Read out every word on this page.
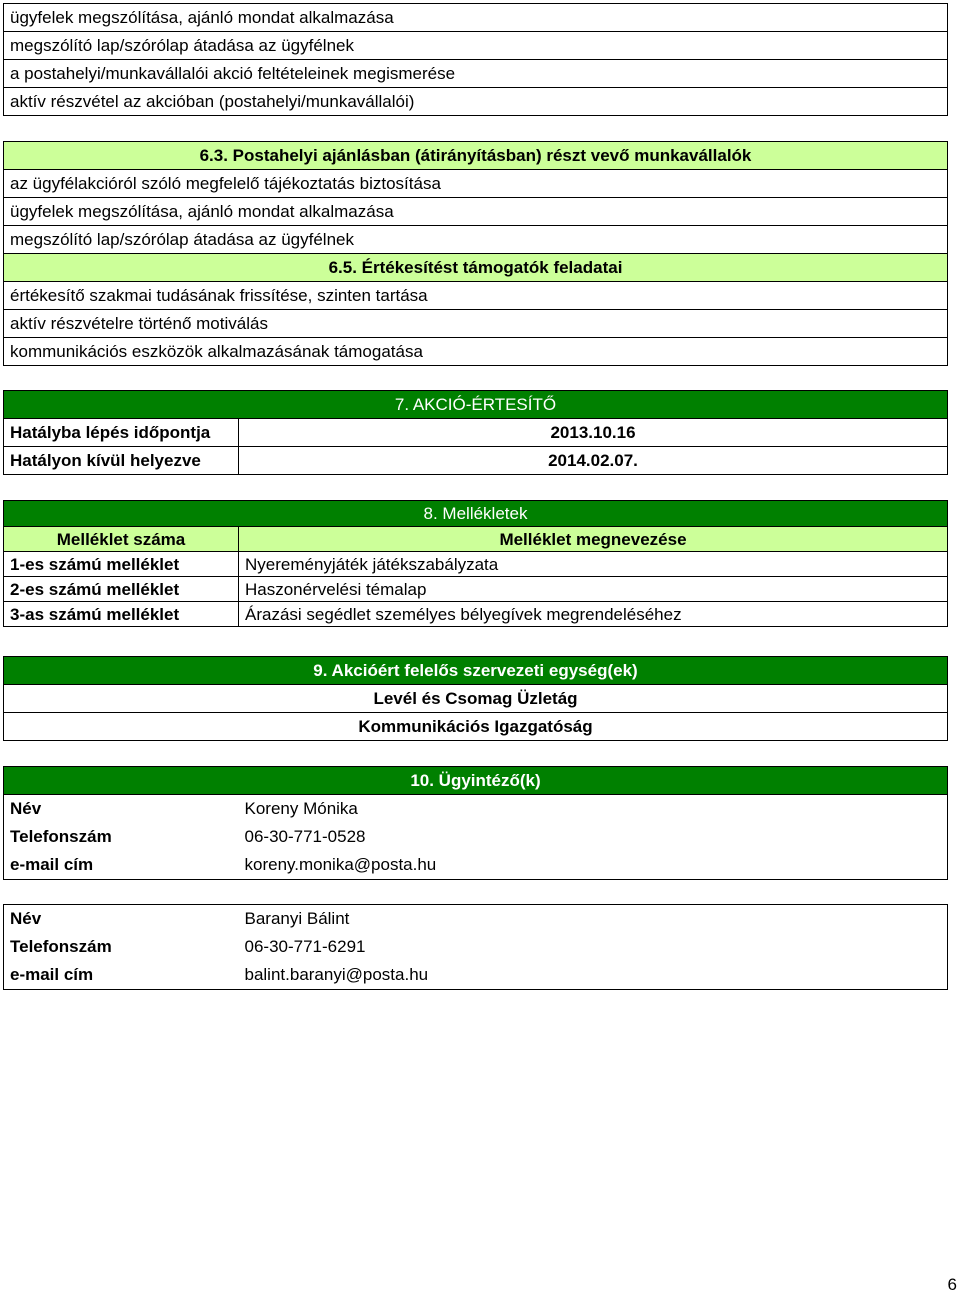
ügyfelek megszólítása, ajánló mondat alkalmazása
megszólító lap/szórólap átadása az ügyfélnek
a postahelyi/munkavállalói akció feltételeinek megismerése
aktív részvétel az akcióban (postahelyi/munkavállalói)
6.3. Postahelyi ajánlásban (átirányításban) részt vevő munkavállalók
az ügyfélakcióról szóló megfelelő tájékoztatás biztosítása
ügyfelek megszólítása, ajánló mondat alkalmazása
megszólító lap/szórólap átadása az ügyfélnek
6.5. Értékesítést támogatók feladatai
értékesítő szakmai tudásának frissítése, szinten tartása
aktív részvételre történő motiválás
kommunikációs eszközök alkalmazásának támogatása
7. AKCIÓ-ÉRTESÍTŐ	
Hatályba lépés időpontja	2013.10.16
Hatályon kívül helyezve	2014.02.07.
8. Mellékletek	
Melléklet száma	Melléklet megnevezése
1-es számú melléklet	Nyereményjáték játékszabályzata
2-es számú melléklet	Haszonérvelési témalap
3-as számú melléklet	Árazási segédlet személyes bélyegívek megrendeléséhez
9. Akcióért felelős szervezeti egység(ek)
Levél és Csomag Üzletág
Kommunikációs Igazgatóság
10. Ügyintéző(k)	
Név	Koreny Mónika
Telefonszám	06-30-771-0528
e-mail cím	koreny.monika@posta.hu
Név	Baranyi Bálint
Telefonszám	06-30-771-6291
e-mail cím	balint.baranyi@posta.hu
6
